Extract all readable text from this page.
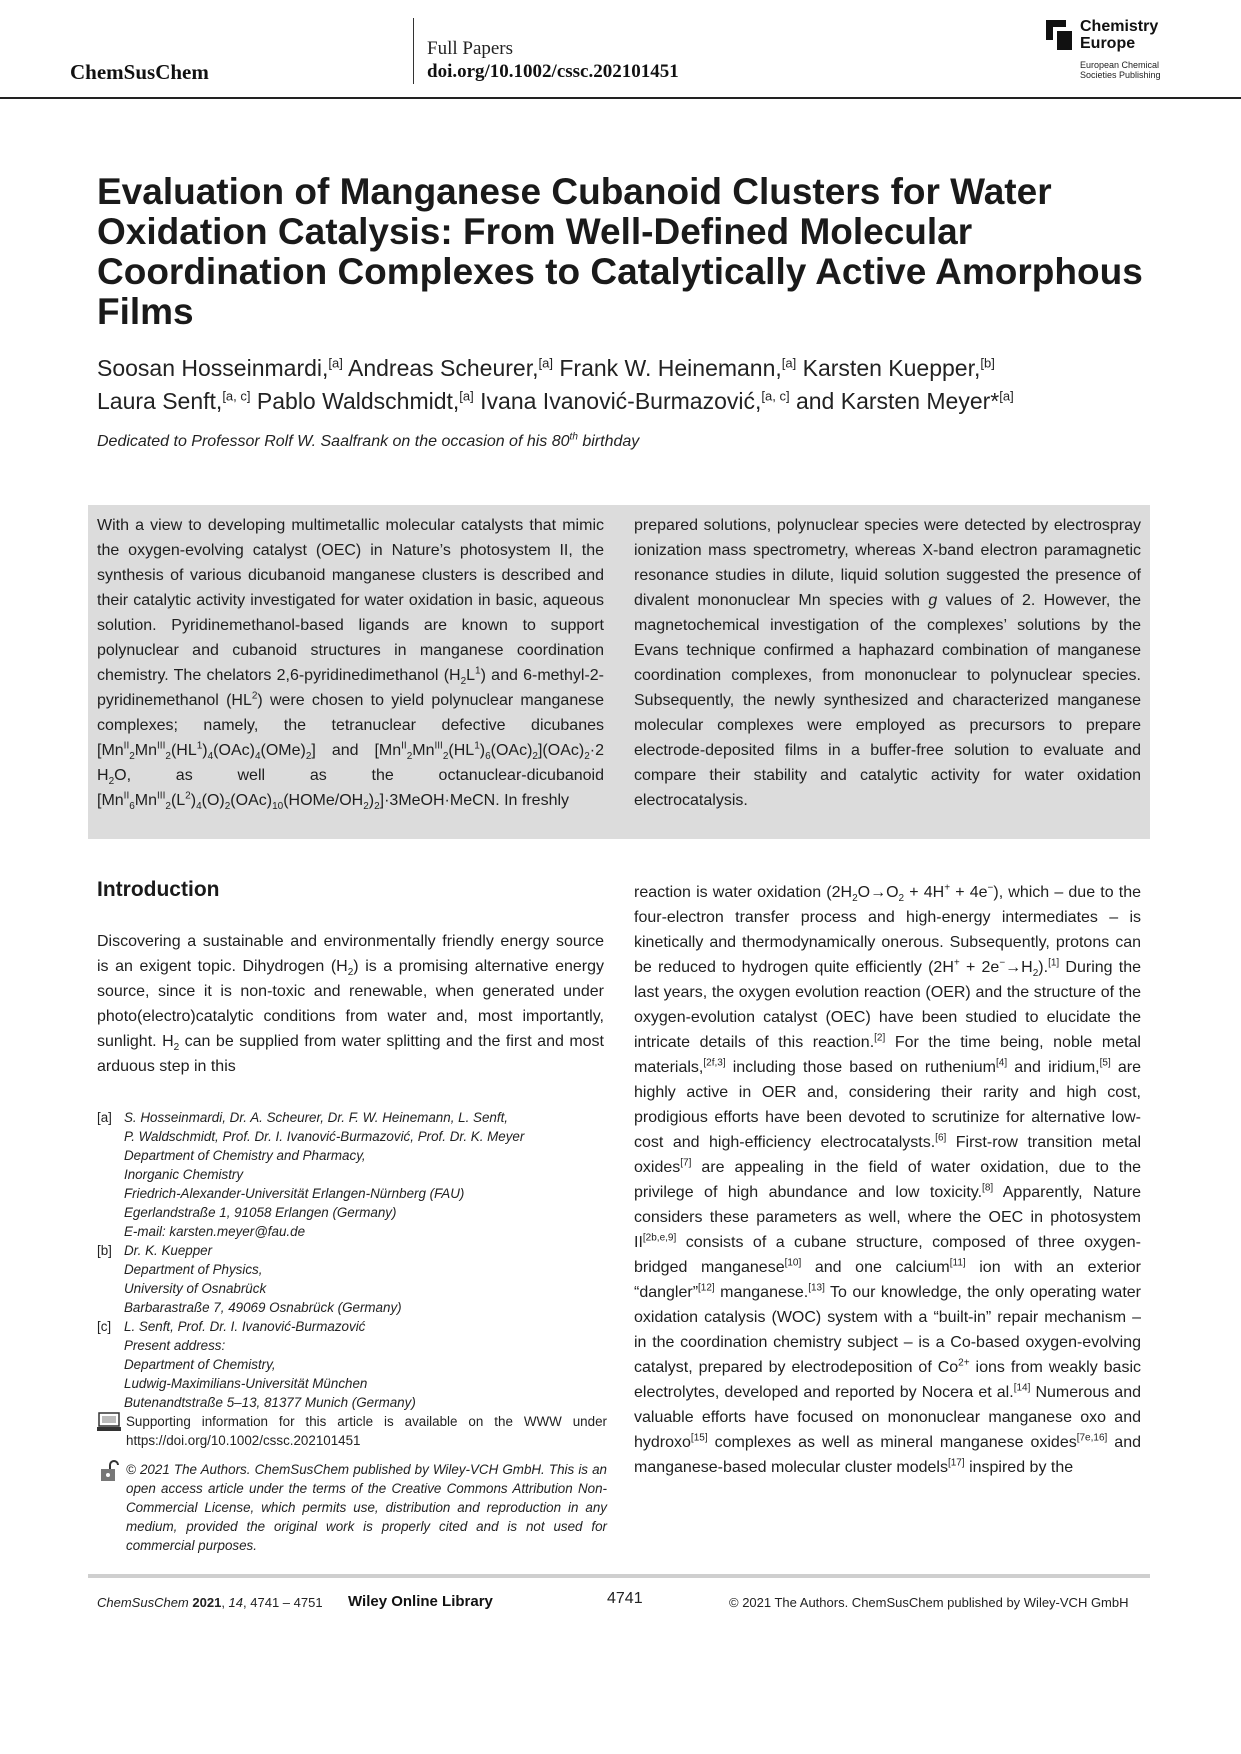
ChemSusChem
Full Papers
doi.org/10.1002/cssc.202101451
Chemistry
Europe
European Chemical
Societies Publishing
Evaluation of Manganese Cubanoid Clusters for Water Oxidation Catalysis: From Well-Defined Molecular Coordination Complexes to Catalytically Active Amorphous Films
Soosan Hosseinmardi,[a] Andreas Scheurer,[a] Frank W. Heinemann,[a] Karsten Kuepper,[b]
Laura Senft,[a, c] Pablo Waldschmidt,[a] Ivana Ivanović-Burmazović,[a, c] and Karsten Meyer*[a]
Dedicated to Professor Rolf W. Saalfrank on the occasion of his 80th birthday
With a view to developing multimetallic molecular catalysts that mimic the oxygen-evolving catalyst (OEC) in Nature’s photosystem II, the synthesis of various dicubanoid manganese clusters is described and their catalytic activity investigated for water oxidation in basic, aqueous solution. Pyridinemethanol-based ligands are known to support polynuclear and cubanoid structures in manganese coordination chemistry. The chelators 2,6-pyridinedimethanol $(H_2L^1)$ and 6-methyl-2-pyridinemethanol $(HL^2)$ were chosen to yield polynuclear manganese complexes; namely, the tetranuclear defective dicubanes $[Mn^{II}_2Mn^{III}_2(HL^1)_4(OAc)_4(OMe)_2]$ and $[Mn^{II}_2Mn^{III}_2(HL^1)_6(OAc)_2](OAc)_2\cdot 2$ $H_2O$, as well as the octanuclear-dicubanoid $[Mn^{II}_6Mn^{III}_2(L^2)_4(O)_2(OAc)_{10}(HOMe/OH_2)_2]\cdot 3MeOH\cdot MeCN$. In freshly
prepared solutions, polynuclear species were detected by electrospray ionization mass spectrometry, whereas X-band electron paramagnetic resonance studies in dilute, liquid solution suggested the presence of divalent mononuclear Mn species with g values of 2. However, the magnetochemical investigation of the complexes’ solutions by the Evans technique confirmed a haphazard combination of manganese coordination complexes, from mononuclear to polynuclear species. Subsequently, the newly synthesized and characterized manganese molecular complexes were employed as precursors to prepare electrode-deposited films in a buffer-free solution to evaluate and compare their stability and catalytic activity for water oxidation electrocatalysis.
Introduction
Discovering a sustainable and environmentally friendly energy source is an exigent topic. Dihydrogen $(H_2)$ is a promising alternative energy source, since it is non-toxic and renewable, when generated under photo(electro)catalytic conditions from water and, most importantly, sunlight. $H_2$ can be supplied from water splitting and the first and most arduous step in this
reaction is water oxidation $(2H_2O\to O_2 + 4H^+ + 4e^-)$, which – due to the four-electron transfer process and high-energy intermediates – is kinetically and thermodynamically onerous. Subsequently, protons can be reduced to hydrogen quite efficiently $(2H^+ + 2e^-\to H_2).[1]$ During the last years, the oxygen evolution reaction (OER) and the structure of the oxygen-evolution catalyst (OEC) have been studied to elucidate the intricate details of this reaction.[2] For the time being, noble metal materials,[2f,3] including those based on ruthenium[4] and iridium,[5] are highly active in OER and, considering their rarity and high cost, prodigious efforts have been devoted to scrutinize for alternative low-cost and high-efficiency electrocatalysts.[6] First-row transition metal oxides[7] are appealing in the field of water oxidation, due to the privilege of high abundance and low toxicity.[8] Apparently, Nature considers these parameters as well, where the OEC in photosystem II[2b,e,9] consists of a cubane structure, composed of three oxygen-bridged manganese[10] and one calcium[11] ion with an exterior “dangler”[12] manganese.[13] To our knowledge, the only operating water oxidation catalysis (WOC) system with a “built-in” repair mechanism – in the coordination chemistry subject – is a Co-based oxygen-evolving catalyst, prepared by electrodeposition of $Co^{2+}$ ions from weakly basic electrolytes, developed and reported by Nocera et al.[14] Numerous and valuable efforts have focused on mononuclear manganese oxo and hydroxo[15] complexes as well as mineral manganese oxides[7e,16] and manganese-based molecular cluster models[17] inspired by the
[a] S. Hosseinmardi, Dr. A. Scheurer, Dr. F. W. Heinemann, L. Senft,
P. Waldschmidt, Prof. Dr. I. Ivanović-Burmazović, Prof. Dr. K. Meyer
Department of Chemistry and Pharmacy,
Inorganic Chemistry
Friedrich-Alexander-Universität Erlangen-Nürnberg (FAU)
Egerlandstraße 1, 91058 Erlangen (Germany)
E-mail: karsten.meyer@fau.de
[b] Dr. K. Kuepper
Department of Physics,
University of Osnabrück
Barbarastraße 7, 49069 Osnabrück (Germany)
[c] L. Senft, Prof. Dr. I. Ivanović-Burmazović
Present address:
Department of Chemistry,
Ludwig-Maximilians-Universität München
Butenandtstraße 5–13, 81377 Munich (Germany)
Supporting information for this article is available on the WWW under https://doi.org/10.1002/cssc.202101451
© 2021 The Authors. ChemSusChem published by Wiley-VCH GmbH. This is an open access article under the terms of the Creative Commons Attribution Non-Commercial License, which permits use, distribution and reproduction in any medium, provided the original work is properly cited and is not used for commercial purposes.
ChemSusChem 2021, 14, 4741 – 4751 Wiley Online Library	4741	© 2021 The Authors. ChemSusChem published by Wiley-VCH GmbH
